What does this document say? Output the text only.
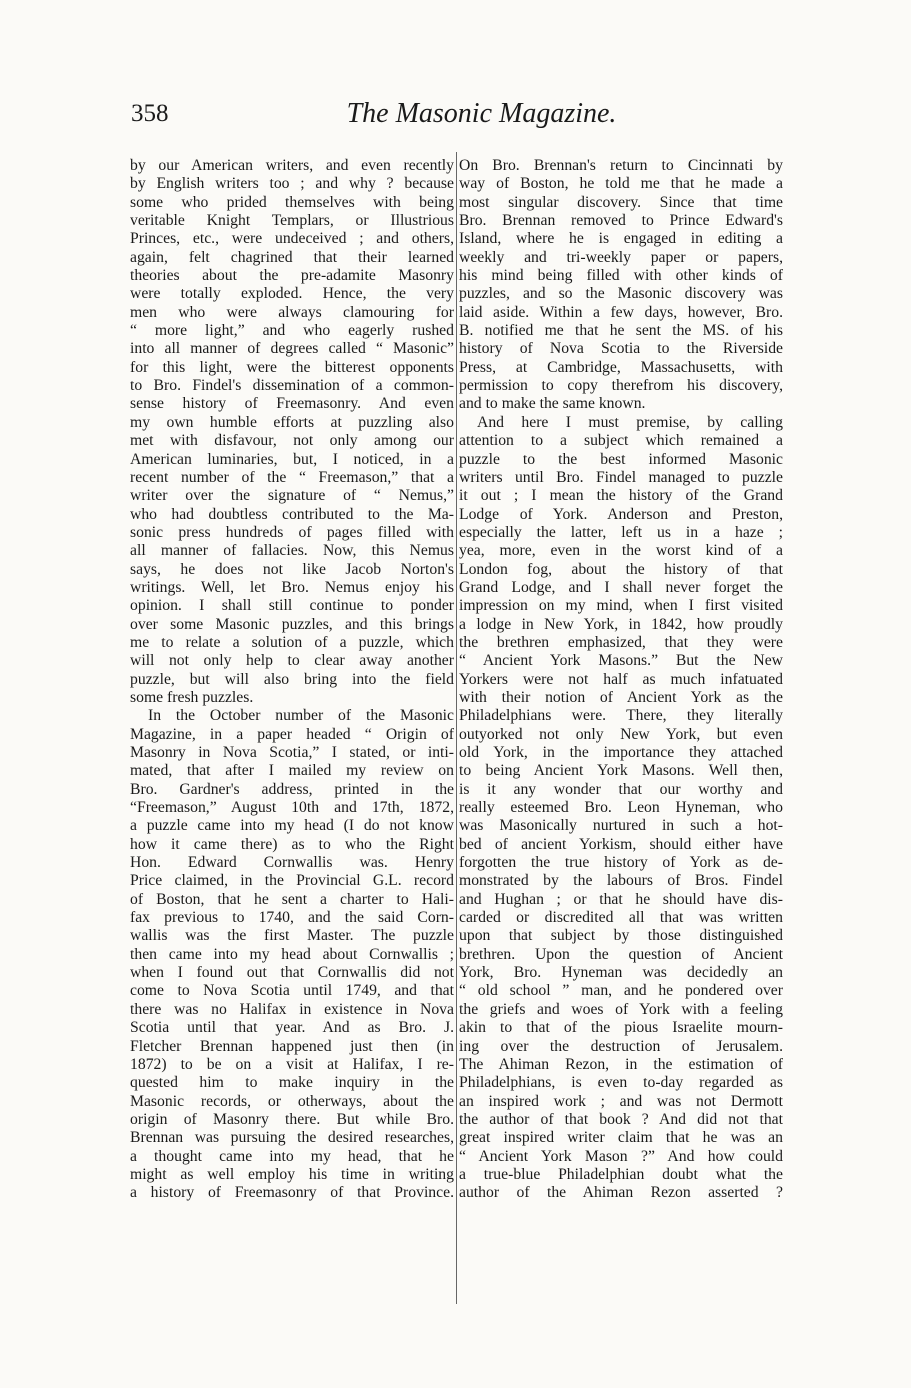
358	The Masonic Magazine.
by our American writers, and even recently
by English writers too ; and why ? because
some who prided themselves with being
veritable Knight Templars, or Illustrious
Princes, etc., were undeceived ; and others,
again, felt chagrined that their learned
theories about the pre-adamite Masonry
were totally exploded. Hence, the very
men who were always clamouring for
“ more light,” and who eagerly rushed
into all manner of degrees called “ Masonic”
for this light, were the bitterest opponents
to Bro. Findel's dissemination of a common-
sense history of Freemasonry. And even
my own humble efforts at puzzling also
met with disfavour, not only among our
American luminaries, but, I noticed, in a
recent number of the “ Freemason,” that a
writer over the signature of “ Nemus,”
who had doubtless contributed to the Ma-
sonic press hundreds of pages filled with
all manner of fallacies. Now, this Nemus
says, he does not like Jacob Norton's
writings. Well, let Bro. Nemus enjoy his
opinion. I shall still continue to ponder
over some Masonic puzzles, and this brings
me to relate a solution of a puzzle, which
will not only help to clear away another
puzzle, but will also bring into the field
some fresh puzzles.
In the October number of the Masonic
Magazine, in a paper headed “ Origin of
Masonry in Nova Scotia,” I stated, or inti-
mated, that after I mailed my review on
Bro. Gardner's address, printed in the
“Freemason,” August 10th and 17th, 1872,
a puzzle came into my head (I do not know
how it came there) as to who the Right
Hon. Edward Cornwallis was. Henry
Price claimed, in the Provincial G.L. record
of Boston, that he sent a charter to Hali-
fax previous to 1740, and the said Corn-
wallis was the first Master. The puzzle
then came into my head about Cornwallis ;
when I found out that Cornwallis did not
come to Nova Scotia until 1749, and that
there was no Halifax in existence in Nova
Scotia until that year. And as Bro. J.
Fletcher Brennan happened just then (in
1872) to be on a visit at Halifax, I re-
quested him to make inquiry in the
Masonic records, or otherways, about the
origin of Masonry there. But while Bro.
Brennan was pursuing the desired researches,
a thought came into my head, that he
might as well employ his time in writing
a history of Freemasonry of that Province.
On Bro. Brennan's return to Cincinnati by
way of Boston, he told me that he made a
most singular discovery. Since that time
Bro. Brennan removed to Prince Edward's
Island, where he is engaged in editing a
weekly and tri-weekly paper or papers,
his mind being filled with other kinds of
puzzles, and so the Masonic discovery was
laid aside. Within a few days, however, Bro.
B. notified me that he sent the MS. of his
history of Nova Scotia to the Riverside
Press, at Cambridge, Massachusetts, with
permission to copy therefrom his discovery,
and to make the same known.
And here I must premise, by calling
attention to a subject which remained a
puzzle to the best informed Masonic
writers until Bro. Findel managed to puzzle
it out ; I mean the history of the Grand
Lodge of York. Anderson and Preston,
especially the latter, left us in a haze ;
yea, more, even in the worst kind of a
London fog, about the history of that
Grand Lodge, and I shall never forget the
impression on my mind, when I first visited
a lodge in New York, in 1842, how proudly
the brethren emphasized, that they were
“ Ancient York Masons.” But the New
Yorkers were not half as much infatuated
with their notion of Ancient York as the
Philadelphians were. There, they literally
outyorked not only New York, but even
old York, in the importance they attached
to being Ancient York Masons. Well then,
is it any wonder that our worthy and
really esteemed Bro. Leon Hyneman, who
was Masonically nurtured in such a hot-
bed of ancient Yorkism, should either have
forgotten the true history of York as de-
monstrated by the labours of Bros. Findel
and Hughan ; or that he should have dis-
carded or discredited all that was written
upon that subject by those distinguished
brethren. Upon the question of Ancient
York, Bro. Hyneman was decidedly an
“ old school ” man, and he pondered over
the griefs and woes of York with a feeling
akin to that of the pious Israelite mourn-
ing over the destruction of Jerusalem.
The Ahiman Rezon, in the estimation of
Philadelphians, is even to-day regarded as
an inspired work ; and was not Dermott
the author of that book ? And did not that
great inspired writer claim that he was an
“ Ancient York Mason ?” And how could
a true-blue Philadelphian doubt what the
author of the Ahiman Rezon asserted ?
